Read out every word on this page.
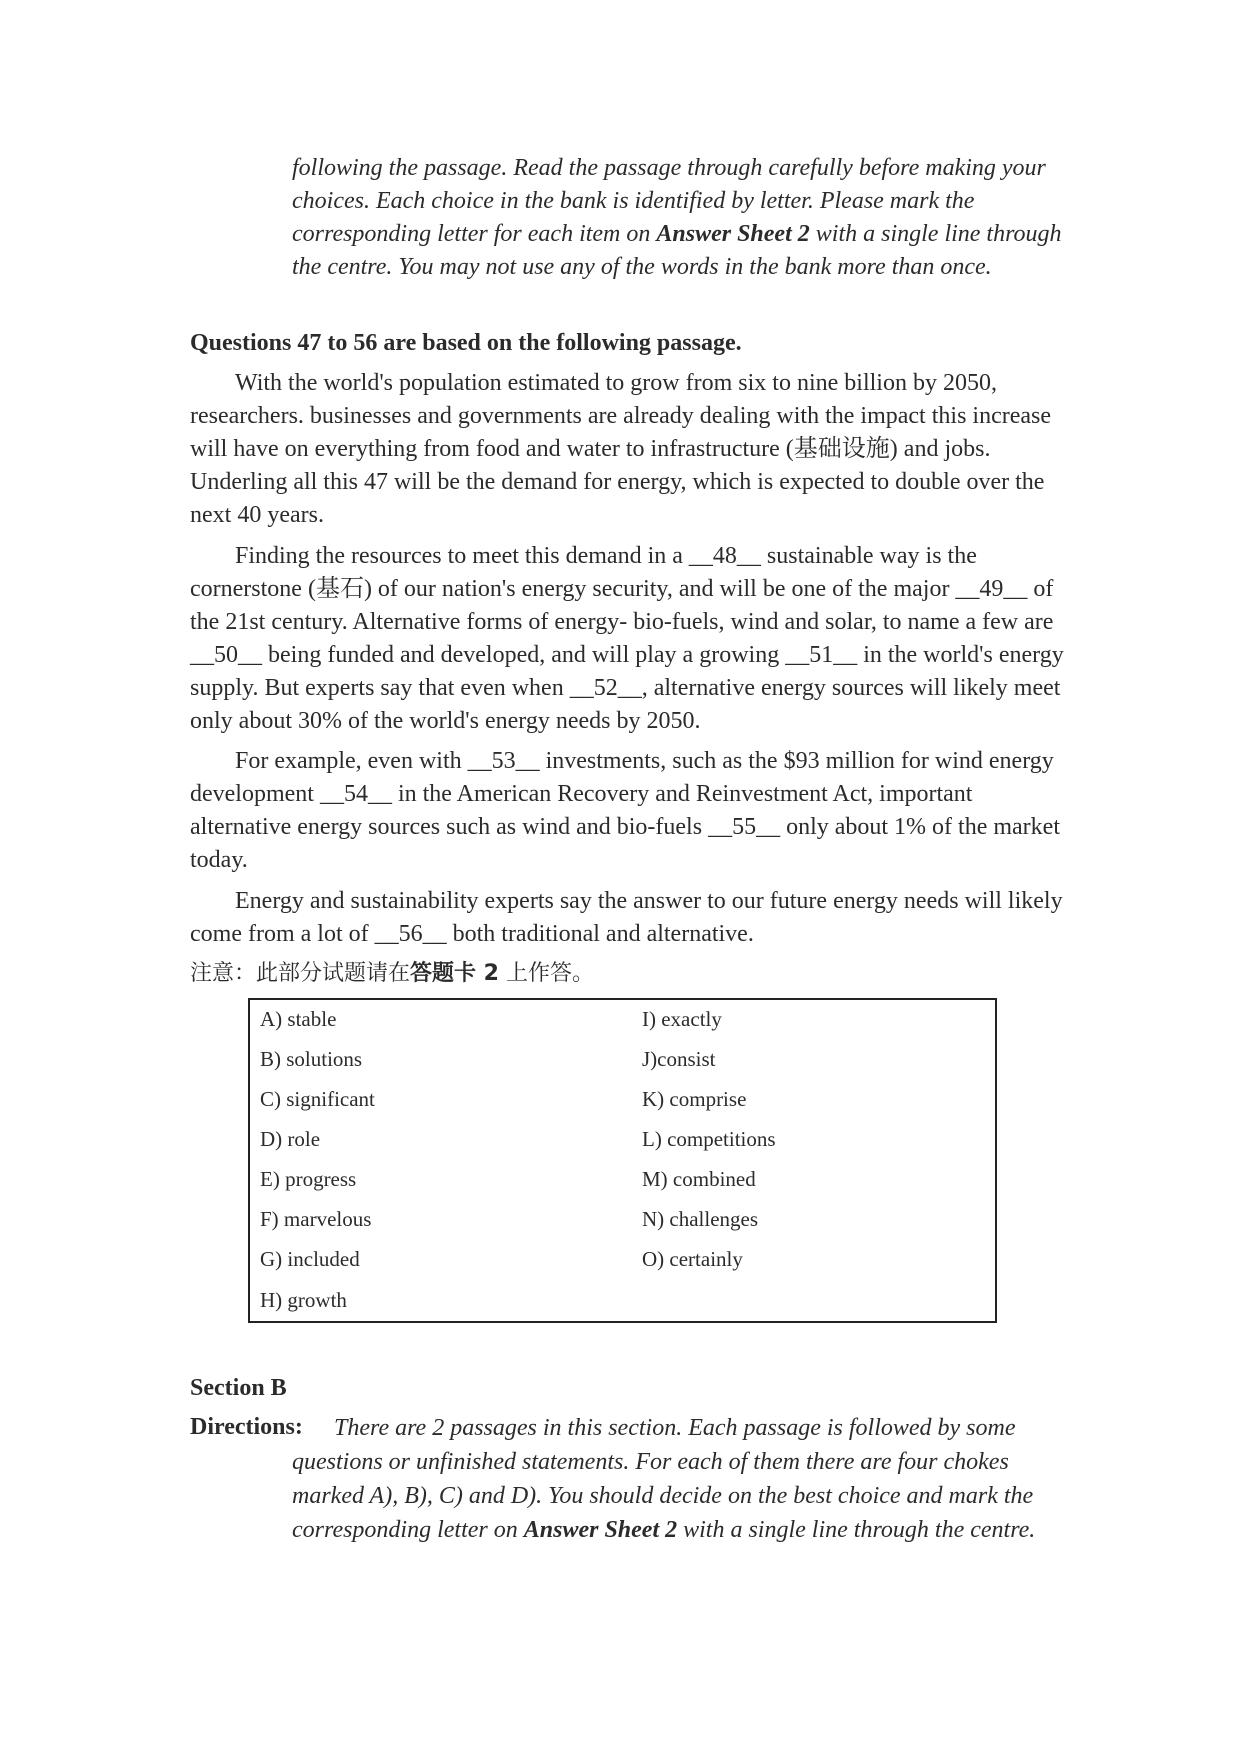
following the passage. Read the passage through carefully before making your choices. Each choice in the bank is identified by letter. Please mark the corresponding letter for each item on Answer Sheet 2 with a single line through the centre. You may not use any of the words in the bank more than once.

Questions 47 to 56 are based on the following passage.

With the world's population estimated to grow from six to nine billion by 2050, researchers. businesses and governments are already dealing with the impact this increase will have on everything from food and water to infrastructure (基础设施) and jobs. Underling all this 47 will be the demand for energy, which is expected to double over the next 40 years.

Finding the resources to meet this demand in a __48__ sustainable way is the cornerstone (基石) of our nation's energy security, and will be one of the major __49__ of the 21st century. Alternative forms of energy- bio-fuels, wind and solar, to name a few are __50__ being funded and developed, and will play a growing __51__ in the world's energy supply. But experts say that even when __52__, alternative energy sources will likely meet only about 30% of the world's energy needs by 2050.

For example, even with __53__ investments, such as the $93 million for wind energy development __54__ in the American Recovery and Reinvestment Act, important alternative energy sources such as wind and bio-fuels __55__ only about 1% of the market today.

Energy and sustainability experts say the answer to our future energy needs will likely come from a lot of __56__ both traditional and alternative.

注意：此部分试题请在答题卡 2 上作答。

A) stable
B) solutions
C) significant
D) role
E) progress
F) marvelous
G) included
H) growth
I) exactly
J)consist
K) comprise
L) competitions
M) combined
N) challenges
O) certainly

Section B

Directions:	There are 2 passages in this section. Each passage is followed by some questions or unfinished statements. For each of them there are four chokes marked A), B), C) and D). You should decide on the best choice and mark the corresponding letter on Answer Sheet 2 with a single line through the centre.
